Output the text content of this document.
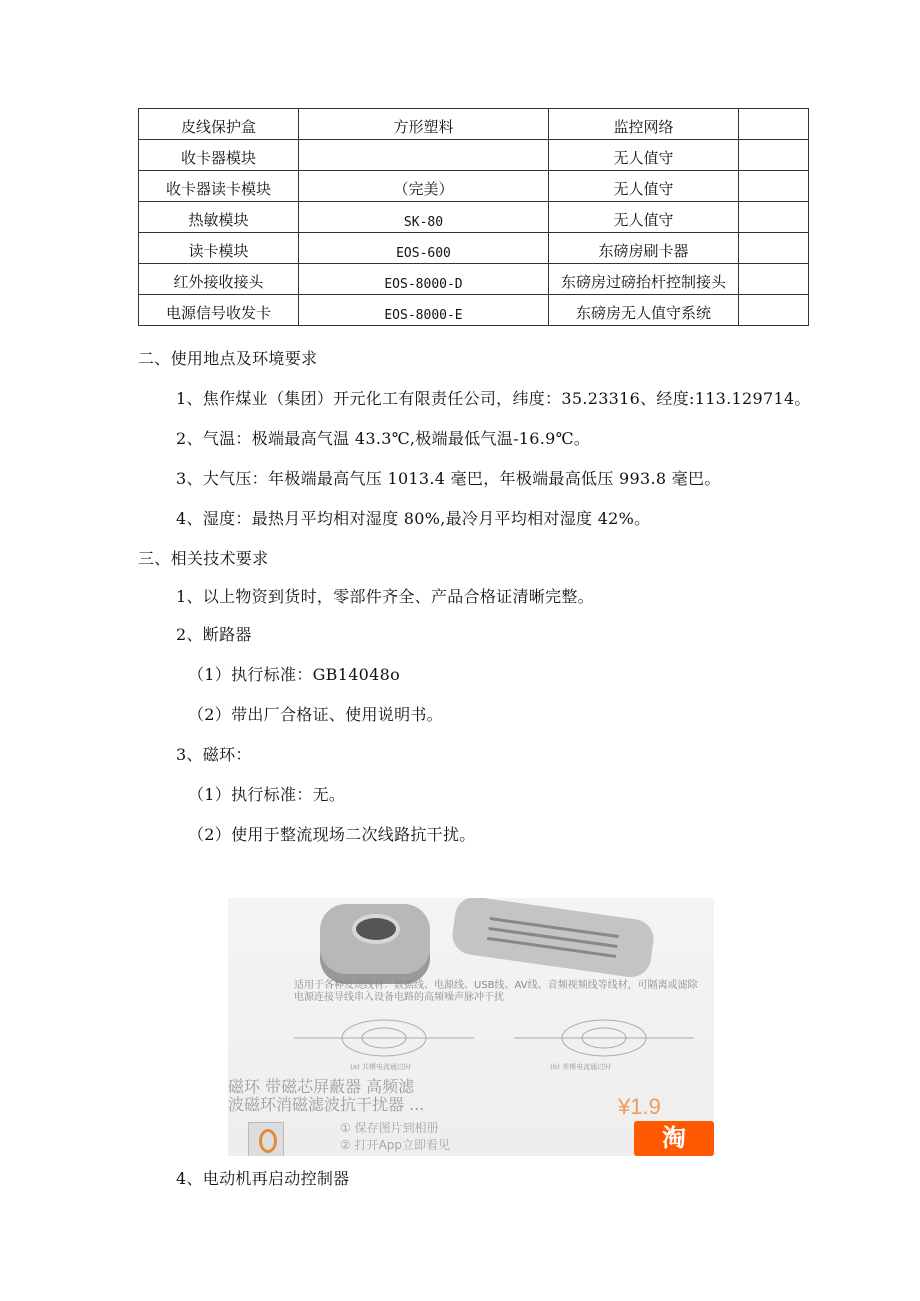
皮线保护盒	方形塑料	监控网络	
收卡器模块		无人值守	
收卡器读卡模块	（完美）	无人值守	
热敏模块	SK-80	无人值守	
读卡模块	EOS-600	东磅房刷卡器	
红外接收接头	EOS-8000-D	东磅房过磅抬杆控制接头	
电源信号收发卡	EOS-8000-E	东磅房无人值守系统	
二、使用地点及环境要求
1、焦作煤业（集团）开元化工有限责任公司，纬度：35.23316、经度:113.129714。
2、气温：极端最高气温 43.3℃,极端最低气温-16.9℃。
3、大气压：年极端最高气压 1013.4 毫巴，年极端最高低压 993.8 毫巴。
4、湿度：最热月平均相对湿度 80%,最冷月平均相对湿度 42%。
三、相关技术要求
1、以上物资到货时，零部件齐全、产品合格证清晰完整。
2、断路器
（1）执行标准：GB14048o
（2）带出厂合格证、使用说明书。
3、磁环：
（1）执行标准：无。
（2）使用于整流现场二次线路抗干扰。
适用于各种发烧线材：数据线、电源线、USB线、AV线、音频视频线等线材，可隔离或滤除电源连接导线串入设备电路的高频噪声脉冲干扰
(a) 共模电流通过时	(b) 差模电流通过时
磁环 带磁芯屏蔽器 高频滤
波磁环消磁滤波抗干扰器 ...	¥1.9
① 保存图片到相册
② 打开App立即看见	淘
4、电动机再启动控制器
